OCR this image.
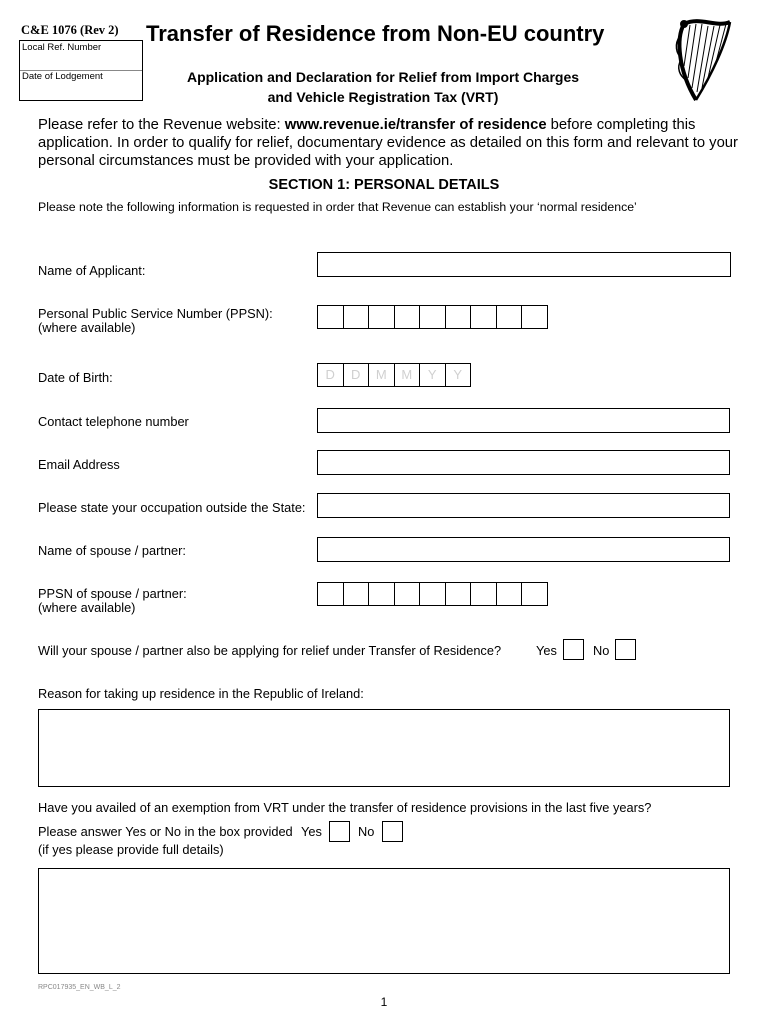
C&E 1076 (Rev 2)
Local Ref. Number
Date of Lodgement
Transfer of Residence from Non-EU country
Application and Declaration for Relief from Import Charges
and Vehicle Registration Tax (VRT)
Please refer to the Revenue website: www.revenue.ie/transfer of residence before completing this application. In order to qualify for relief, documentary evidence as detailed on this form and relevant to your personal circumstances must be provided with your application.
SECTION 1: PERSONAL DETAILS
Please note the following information is requested in order that Revenue can establish your ‘normal residence’
Name of Applicant:
Personal Public Service Number (PPSN):
(where available)
Date of Birth:	D	D	M	M	Y	Y
Contact telephone number
Email Address
Please state your occupation outside the State:
Name of spouse / partner:
PPSN of spouse / partner:
(where available)
Will your spouse / partner also be applying for relief under Transfer of Residence?	Yes	No
Reason for taking up residence in the Republic of Ireland:
Have you availed of an exemption from VRT under the transfer of residence provisions in the last five years?
Please answer Yes or No in the box provided Yes	No
(if yes please provide full details)
RPC017935_EN_WB_L_2
1
